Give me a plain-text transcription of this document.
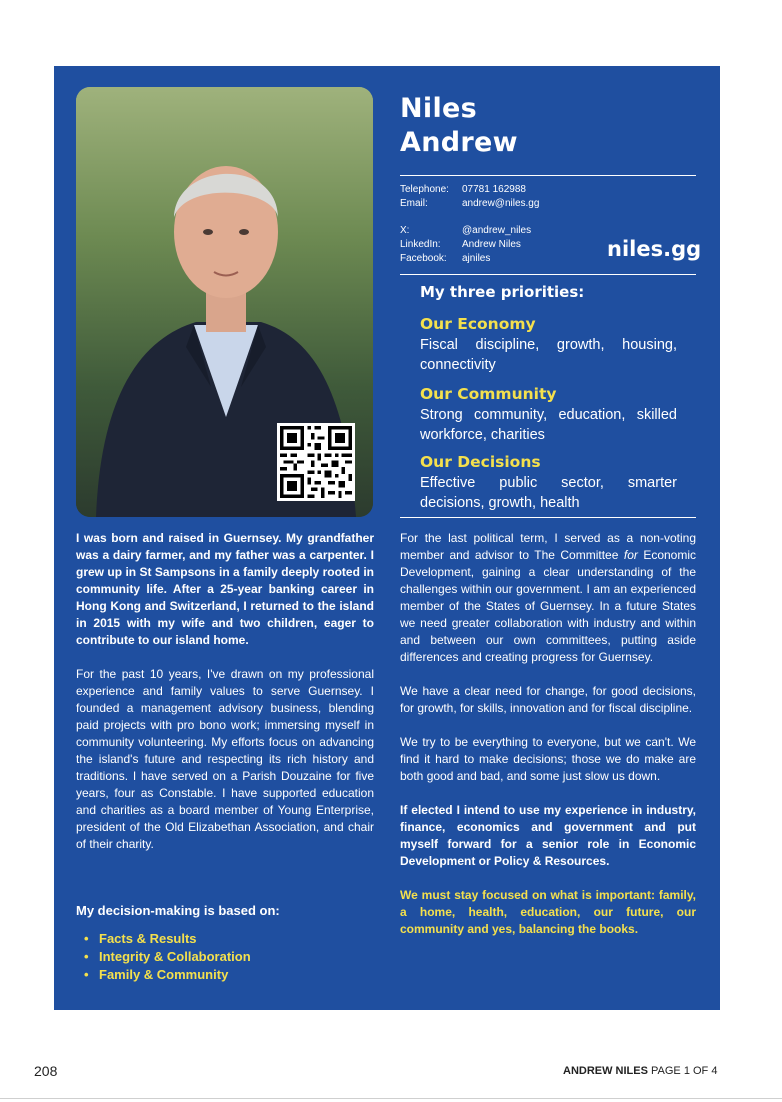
Niles
Andrew
Telephone:	07781 162988
Email:	andrew@niles.gg
X:	@andrew_niles
LinkedIn:	Andrew Niles
Facebook:	ajniles	niles.gg
My three priorities:
Our Economy
Fiscal discipline, growth, housing, connectivity
Our Community
Strong community, education, skilled workforce, charities
Our Decisions
Effective public sector, smarter decisions, growth, health

I was born and raised in Guernsey. My grandfather was a dairy farmer, and my father was a carpenter. I grew up in St Sampsons in a family deeply rooted in community life. After a 25-year banking career in Hong Kong and Switzerland, I returned to the island in 2015 with my wife and two children, eager to contribute to our island home.

For the past 10 years, I've drawn on my professional experience and family values to serve Guernsey. I founded a management advisory business, blending paid projects with pro bono work; immersing myself in community volunteering. My efforts focus on advancing the island's future and respecting its rich history and traditions. I have served on a Parish Douzaine for five years, four as Constable. I have supported education and charities as a board member of Young Enterprise, president of the Old Elizabethan Association, and chair of their charity.

My decision-making is based on:
• Facts & Results
• Integrity & Collaboration
• Family & Community

For the last political term, I served as a non-voting member and advisor to The Committee for Economic Development, gaining a clear understanding of the challenges within our government. I am an experienced member of the States of Guernsey. In a future States we need greater collaboration with industry and within and between our own committees, putting aside differences and creating progress for Guernsey.

We have a clear need for change, for good decisions, for growth, for skills, innovation and for fiscal discipline.

We try to be everything to everyone, but we can't. We find it hard to make decisions; those we do make are both good and bad, and some just slow us down.

If elected I intend to use my experience in industry, finance, economics and government and put myself forward for a senior role in Economic Development or Policy & Resources.

We must stay focused on what is important: family, a home, health, education, our future, our community and yes, balancing the books.

208	ANDREW NILES PAGE 1 OF 4
